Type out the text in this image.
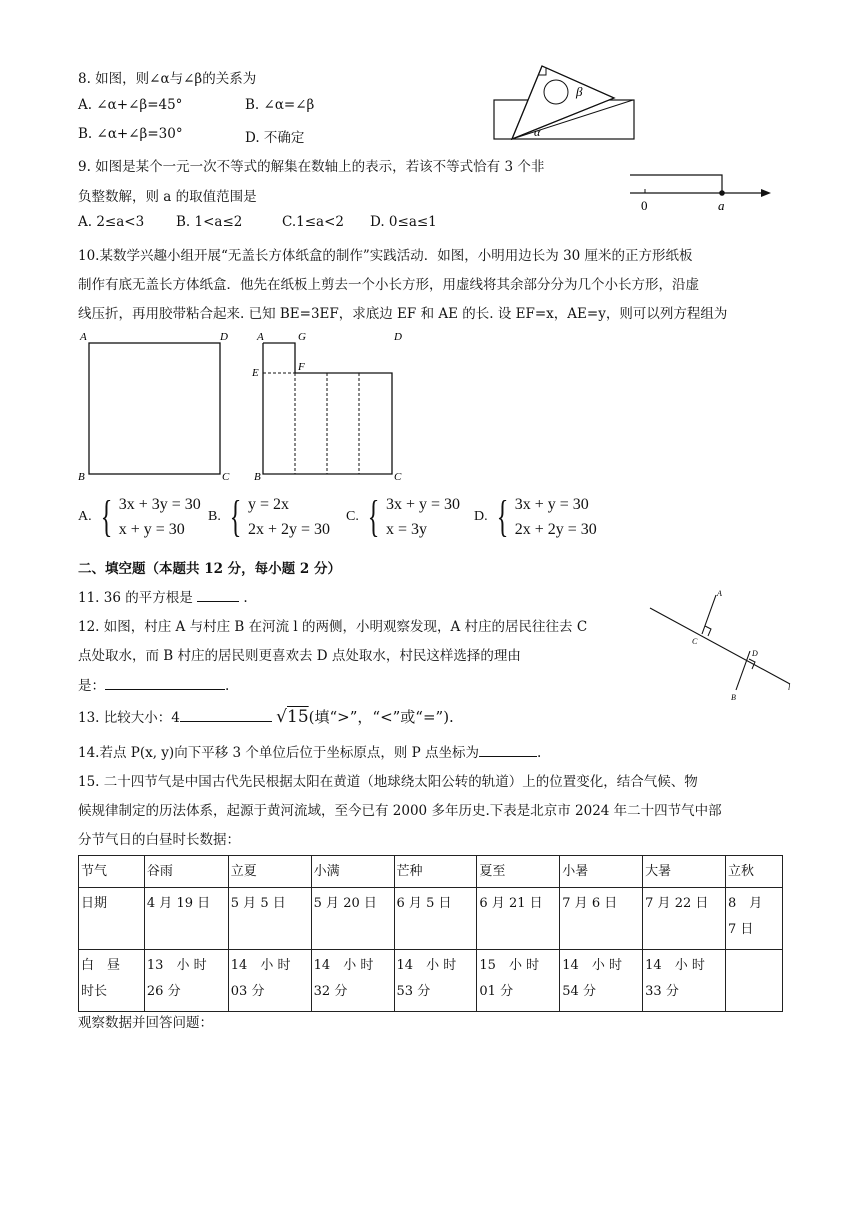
8. 如图，则∠α与∠β的关系为
A. ∠α+∠β=45°	B. ∠α=∠β
B. ∠α+∠β=30°	D. 不确定
β
α
9. 如图是某个一元一次不等式的解集在数轴上的表示，若该不等式恰有 3 个非
负整数解，则 a 的取值范围是
A. 2≤a<3 B. 1<a≤2	C.1≤a<2 D. 0≤a≤1
0	a
10.某数学兴趣小组开展“无盖长方体纸盒的制作”实践活动．如图，小明用边长为 30 厘米的正方形纸板
制作有底无盖长方体纸盒．他先在纸板上剪去一个小长方形，用虚线将其余部分分为几个小长方形，沿虚
线压折，再用胶带粘合起来. 已知 BE=3EF，求底边 EF 和 AE 的长. 设 EF=x，AE=y，则可以列方程组为
A	D
B	C
A	G	D
E	F
B	C
A. { 3x + 3y = 30
x + y = 30
B. { y = 2x
2x + 2y = 30
C. { 3x + y = 30
x = 3y
D. { 3x + y = 30
2x + 2y = 30
二、填空题（本题共 12 分，每小题 2 分）
11. 36 的平方根是	.
12. 如图，村庄 A 与村庄 B 在河流 l 的两侧，小明观察发现，A 村庄的居民往往去 C
点处取水，而 B 村庄的居民则更喜欢去 D 点处取水，村民这样选择的理由
是：	.
A
C
D
B
l
13. 比较大小：4	√15(填“>”，“<”或“=”).
14.若点 P(x, y)向下平移 3 个单位后位于坐标原点，则 P 点坐标为	.
15. 二十四节气是中国古代先民根据太阳在黄道（地球绕太阳公转的轨道）上的位置变化，结合气候、物
候规律制定的历法体系，起源于黄河流域，至今已有 2000 多年历史.下表是北京市 2024 年二十四节气中部
分节气日的白昼时长数据：
节气	谷雨	立夏	小满	芒种	夏至	小暑	大暑	立秋
日期	4 月 19 日	5 月 5 日	5 月 20 日	6 月 5 日	6 月 21 日	7 月 6 日	7 月 22 日	8　月　7 日
白　昼　时长	13　小 时　26 分	14　小 时　03 分	14　小 时　32 分	14　小 时　53 分	15　小 时　01 分	14　小 时　54 分	14　小 时　33 分	
观察数据并回答问题：
